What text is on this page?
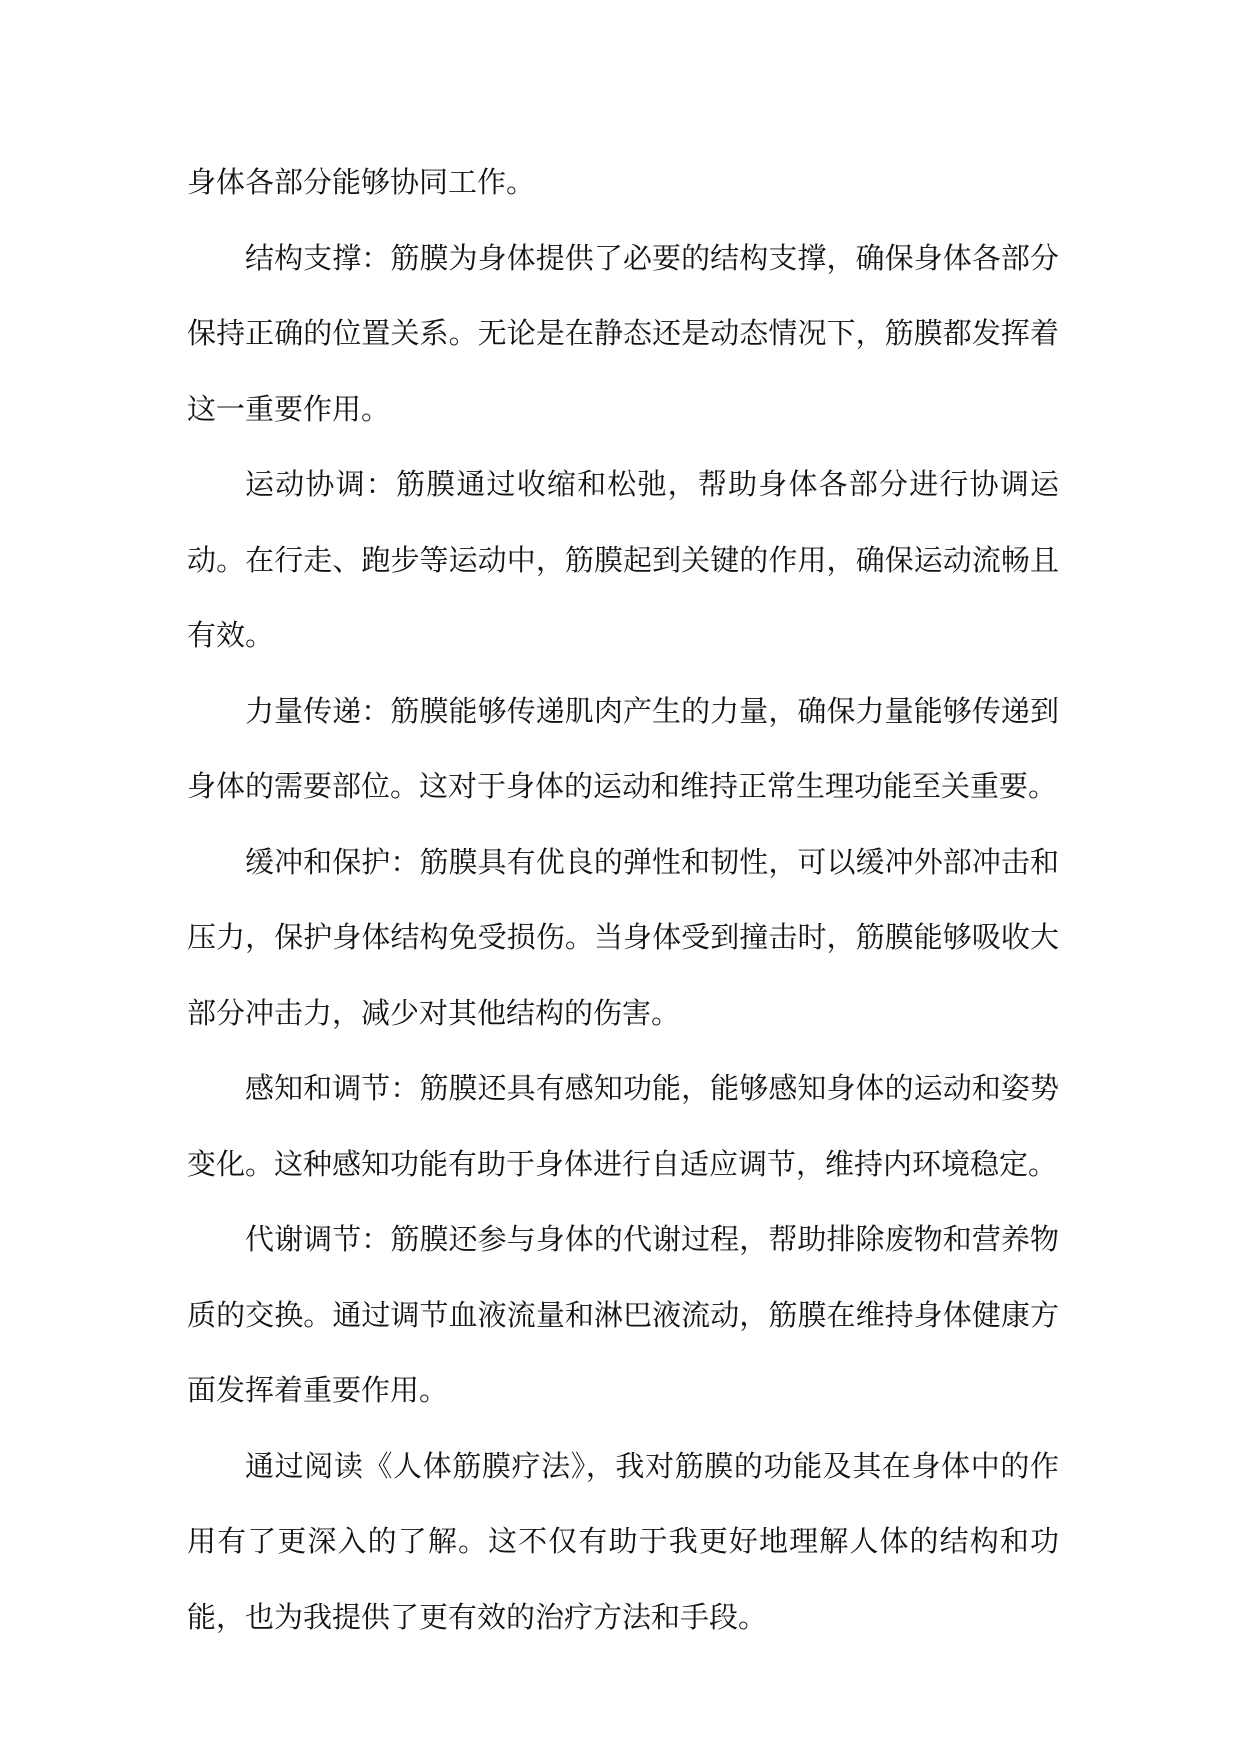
身体各部分能够协同工作。

结构支撑：筋膜为身体提供了必要的结构支撑，确保身体各部分保持正确的位置关系。无论是在静态还是动态情况下，筋膜都发挥着这一重要作用。

运动协调：筋膜通过收缩和松弛，帮助身体各部分进行协调运动。在行走、跑步等运动中，筋膜起到关键的作用，确保运动流畅且有效。

力量传递：筋膜能够传递肌肉产生的力量，确保力量能够传递到身体的需要部位。这对于身体的运动和维持正常生理功能至关重要。

缓冲和保护：筋膜具有优良的弹性和韧性，可以缓冲外部冲击和压力，保护身体结构免受损伤。当身体受到撞击时，筋膜能够吸收大部分冲击力，减少对其他结构的伤害。

感知和调节：筋膜还具有感知功能，能够感知身体的运动和姿势变化。这种感知功能有助于身体进行自适应调节，维持内环境稳定。

代谢调节：筋膜还参与身体的代谢过程，帮助排除废物和营养物质的交换。通过调节血液流量和淋巴液流动，筋膜在维持身体健康方面发挥着重要作用。

通过阅读《人体筋膜疗法》，我对筋膜的功能及其在身体中的作用有了更深入的了解。这不仅有助于我更好地理解人体的结构和功能，也为我提供了更有效的治疗方法和手段。
